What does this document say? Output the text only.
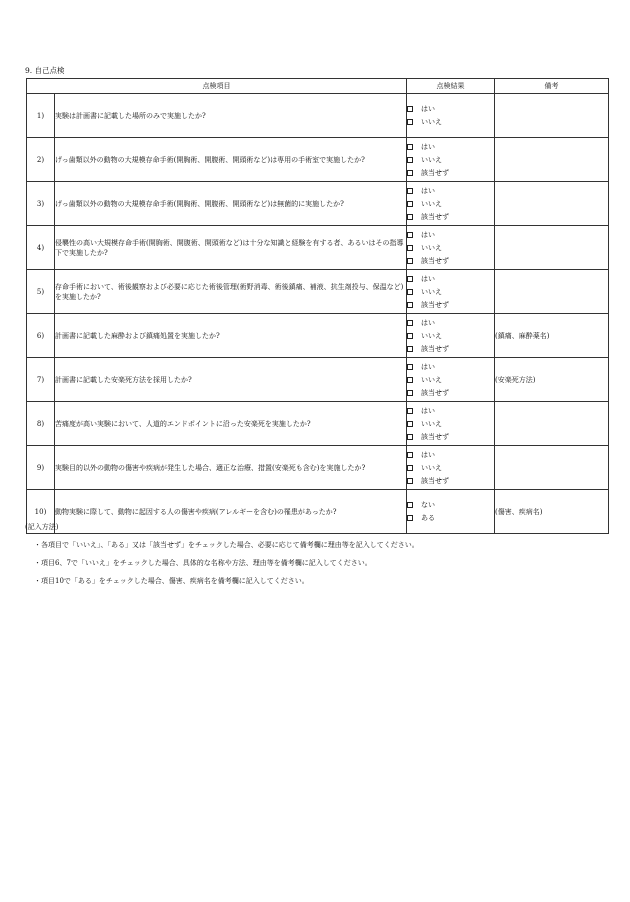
9. 自己点検
点検項目		点検結果	備考
1)	実験は計画書に記載した場所のみで実施したか?	はい
いいえ	

2)	げっ歯類以外の動物の大規模存命手術(開胸術、開腹術、開頭術など)は専用の手術室で実施したか?	はい
いいえ
該当せず	

3)	げっ歯類以外の動物の大規模存命手術(開胸術、開腹術、開頭術など)は無菌的に実施したか?	はい
いいえ
該当せず	

4)	侵襲性の高い大規模存命手術(開胸術、開腹術、開頭術など)は十分な知識と経験を有する者、あるいはその指導下で実施したか?	はい
いいえ
該当せず	

5)	存命手術において、術後観察および必要に応じた術後管理(術野消毒、術後鎮痛、補液、抗生剤投与、保温など)を実施したか?	はい
いいえ
該当せず	

6)	計画書に記載した麻酔および鎮痛処置を実施したか?	はい
いいえ
該当せず	(鎮痛、麻酔薬名)
7)	計画書に記載した安楽死方法を採用したか?	はい
いいえ
該当せず	(安楽死方法)
8)	苦痛度が高い実験において、人道的エンドポイントに沿った安楽死を実施したか?	はい
いいえ
該当せず	

9)	実験目的以外の動物の傷害や疾病が発生した場合、適正な治療、措置(安楽死も含む)を実施したか?	はい
いいえ
該当せず	

10)	動物実験に際して、動物に起因する人の傷害や疾病(アレルギーを含む)の罹患があったか?	ない
ある	(傷害、疾病名)
(記入方法)
・各項目で「いいえ」、「ある」又は「該当せず」をチェックした場合、必要に応じて備考欄に理由等を記入してください。
・項目6、7で「いいえ」をチェックした場合、具体的な名称や方法、理由等を備考欄に記入してください。
・項目10で「ある」をチェックした場合、傷害、疾病名を備考欄に記入してください。
